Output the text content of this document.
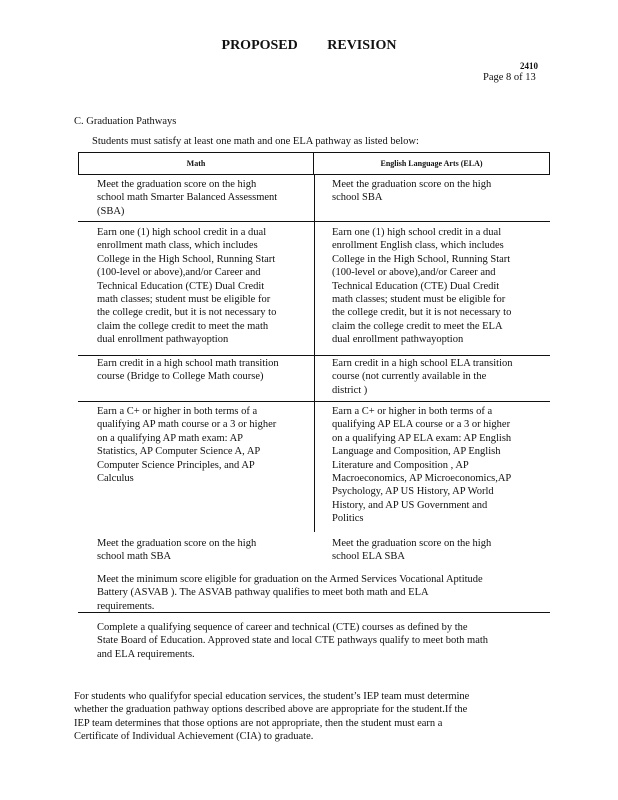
PROPOSED REVISION
2410
Page 8 of 13
C. Graduation Pathways
Students must satisfy at least one math and one ELA pathway as listed below:
Math	English Language Arts (ELA)
Meet the graduation score on the high
school math Smarter Balanced Assessment
(SBA)
Meet the graduation score on the high
school SBA
Earn one (1) high school credit in a dual
enrollment math class, which includes
College in the High School, Running Start
(100-level or above),and/or Career and
Technical Education (CTE) Dual Credit
math classes; student must be eligible for
the college credit, but it is not necessary to
claim the college credit to meet the math
dual enrollment pathwayoption
Earn one (1) high school credit in a dual
enrollment English class, which includes
College in the High School, Running Start
(100-level or above),and/or Career and
Technical Education (CTE) Dual Credit
math classes; student must be eligible for
the college credit, but it is not necessary to
claim the college credit to meet the ELA
dual enrollment pathwayoption
Earn credit in a high school math transition
course (Bridge to College Math course)
Earn credit in a high school ELA transition
course (not currently available in the
district )
Earn a C+ or higher in both terms of a
qualifying AP math course or a 3 or higher
on a qualifying AP math exam: AP
Statistics, AP Computer Science A, AP
Computer Science Principles, and AP
Calculus
Earn a C+ or higher in both terms of a
qualifying AP ELA course or a 3 or higher
on a qualifying AP ELA exam: AP English
Language and Composition, AP English
Literature and Composition , AP
Macroeconomics, AP Microeconomics,AP
Psychology, AP US History, AP World
History, and AP US Government and
Politics
Meet the graduation score on the high
school math SBA
Meet the graduation score on the high
school ELA SBA
Meet the minimum score eligible for graduation on the Armed Services Vocational Aptitude
Battery (ASVAB ). The ASVAB pathway qualifies to meet both math and ELA
requirements.
Complete a qualifying sequence of career and technical (CTE) courses as defined by the
State Board of Education. Approved state and local CTE pathways qualify to meet both math
and ELA requirements.
For students who qualifyfor special education services, the student’s IEP team must determine
whether the graduation pathway options described above are appropriate for the student.If the
IEP team determines that those options are not appropriate, then the student must earn a
Certificate of Individual Achievement (CIA) to graduate.
